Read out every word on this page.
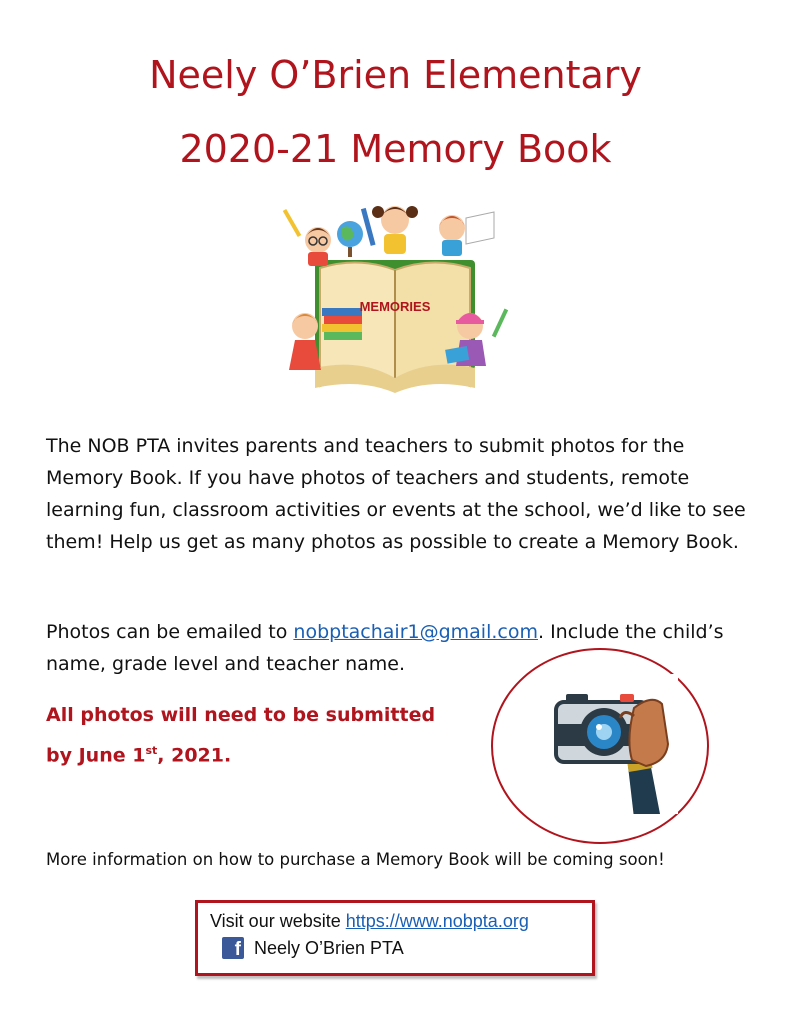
Neely O’Brien Elementary
2020-21 Memory Book
MEMORIES

The NOB PTA invites parents and teachers to submit photos for the Memory Book. If you have photos of teachers and students, remote learning fun, classroom activities or events at the school, we’d like to see them! Help us get as many photos as possible to create a Memory Book.

Photos can be emailed to nobptachair1@gmail.com. Include the child’s name, grade level and teacher name.

All photos will need to be submitted

by June 1st, 2021.

More information on how to purchase a Memory Book will be coming soon!

Visit our website https://www.nobpta.org

f Neely O’Brien PTA
